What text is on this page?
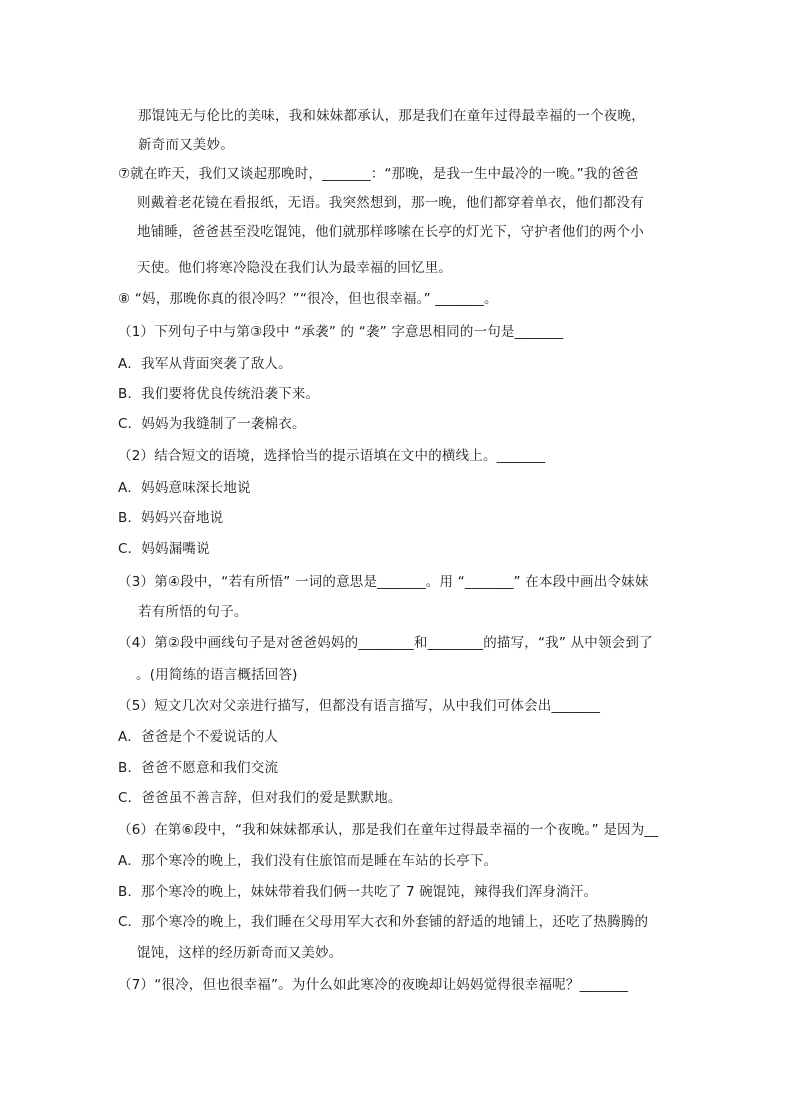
那馄饨无与伦比的美味，我和妹妹都承认，那是我们在童年过得最幸福的一个夜晚，
新奇而又美妙。
⑦就在昨天，我们又谈起那晚时，_______：“那晚，是我一生中最冷的一晚。”我的爸爸
则戴着老花镜在看报纸，无语。我突然想到，那一晚，他们都穿着单衣，他们都没有
地铺睡，爸爸甚至没吃馄饨，他们就那样哆嗦在长亭的灯光下，守护者他们的两个小
天使。他们将寒冷隐没在我们认为最幸福的回忆里。
⑧ “妈，那晚你真的很冷吗？”“很冷，但也很幸福。” _______。
（1）下列句子中与第③段中 “承袭” 的 “袭” 字意思相同的一句是_______
A．我军从背面突袭了敌人。
B．我们要将优良传统沿袭下来。
C．妈妈为我缝制了一袭棉衣。
（2）结合短文的语境，选择恰当的提示语填在文中的横线上。_______
A．妈妈意味深长地说
B．妈妈兴奋地说
C．妈妈漏嘴说
（3）第④段中，“若有所悟” 一词的意思是_______。用 “_______” 在本段中画出令妹妹
若有所悟的句子。
（4）第②段中画线句子是对爸爸妈妈的________和________的描写，“我” 从中领会到了
。(用简练的语言概括回答)
（5）短文几次对父亲进行描写，但都没有语言描写，从中我们可体会出_______
A．爸爸是个不爱说话的人
B．爸爸不愿意和我们交流
C．爸爸虽不善言辞，但对我们的爱是默默地。
（6）在第⑥段中，“我和妹妹都承认，那是我们在童年过得最幸福的一个夜晚。” 是因为__
A．那个寒冷的晚上，我们没有住旅馆而是睡在车站的长亭下。
B．那个寒冷的晚上，妹妹带着我们俩一共吃了 7 碗馄饨，辣得我们浑身淌汗。
C．那个寒冷的晚上，我们睡在父母用军大衣和外套铺的舒适的地铺上，还吃了热腾腾的
馄饨，这样的经历新奇而又美妙。
（7）“很冷，但也很幸福”。为什么如此寒冷的夜晚却让妈妈觉得很幸福呢？_______
